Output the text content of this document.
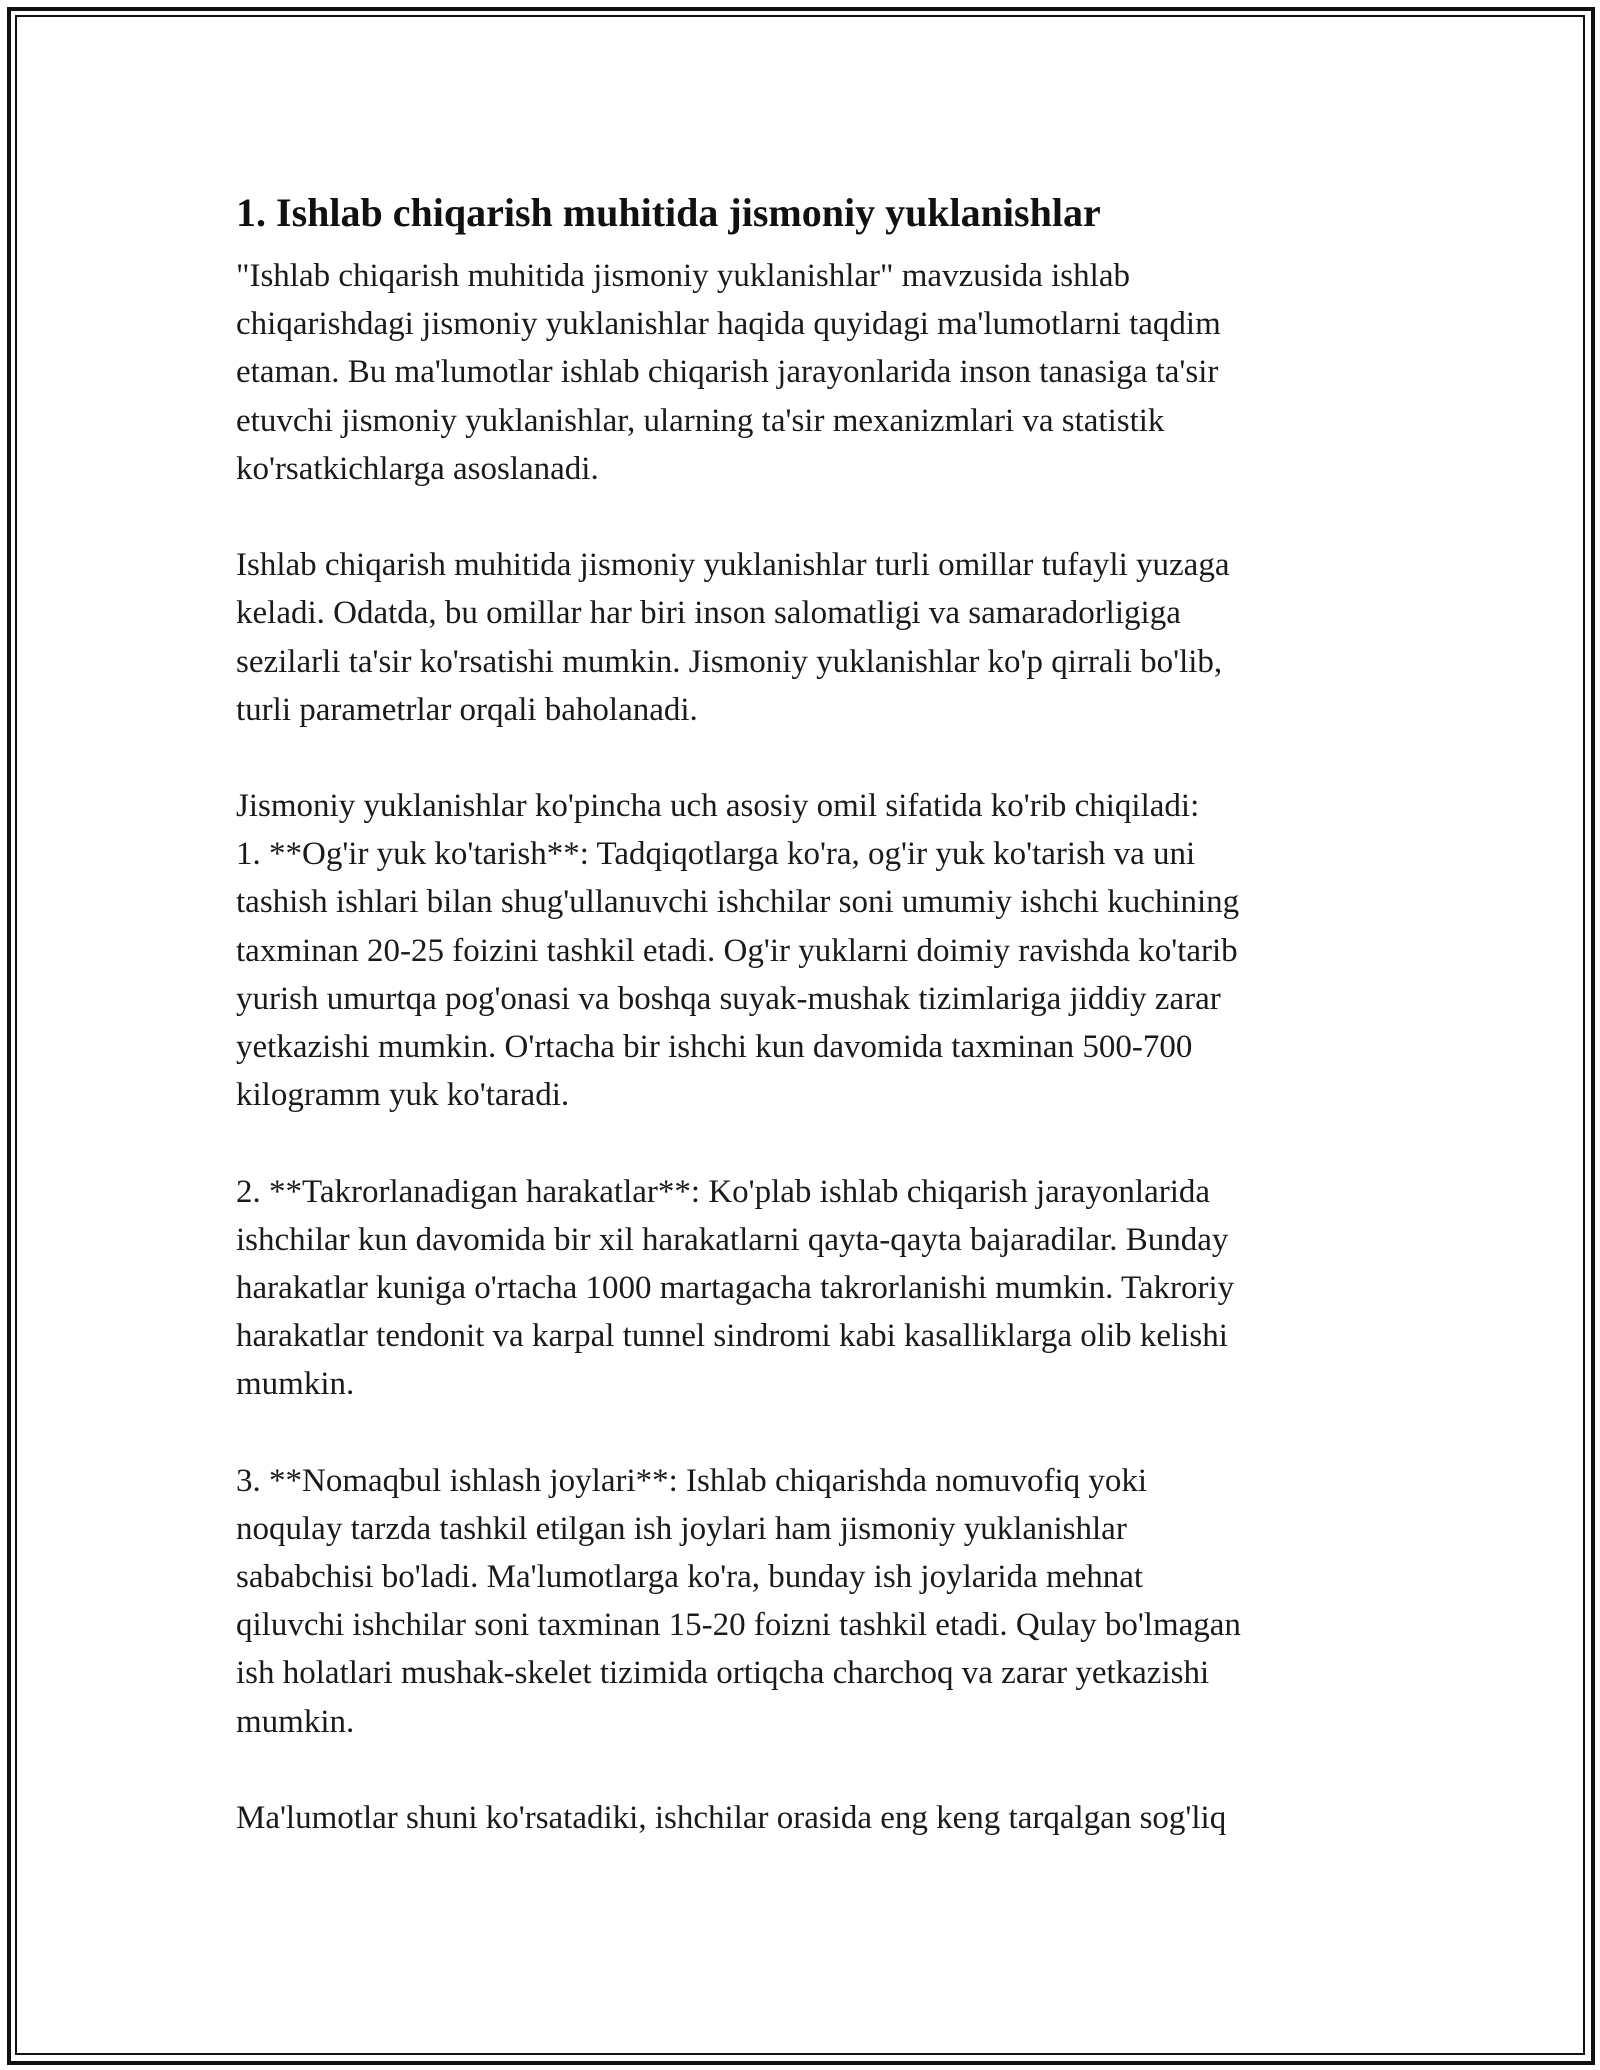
1. Ishlab chiqarish muhitida jismoniy yuklanishlar
"Ishlab chiqarish muhitida jismoniy yuklanishlar" mavzusida ishlab
chiqarishdagi jismoniy yuklanishlar haqida quyidagi ma'lumotlarni taqdim
etaman. Bu ma'lumotlar ishlab chiqarish jarayonlarida inson tanasiga ta'sir
etuvchi jismoniy yuklanishlar, ularning ta'sir mexanizmlari va statistik
ko'rsatkichlarga asoslanadi.
Ishlab chiqarish muhitida jismoniy yuklanishlar turli omillar tufayli yuzaga
keladi. Odatda, bu omillar har biri inson salomatligi va samaradorligiga
sezilarli ta'sir ko'rsatishi mumkin. Jismoniy yuklanishlar ko'p qirrali bo'lib,
turli parametrlar orqali baholanadi.
Jismoniy yuklanishlar ko'pincha uch asosiy omil sifatida ko'rib chiqiladi:
1. **Og'ir yuk ko'tarish**: Tadqiqotlarga ko'ra, og'ir yuk ko'tarish va uni
tashish ishlari bilan shug'ullanuvchi ishchilar soni umumiy ishchi kuchining
taxminan 20-25 foizini tashkil etadi. Og'ir yuklarni doimiy ravishda ko'tarib
yurish umurtqa pog'onasi va boshqa suyak-mushak tizimlariga jiddiy zarar
yetkazishi mumkin. O'rtacha bir ishchi kun davomida taxminan 500-700
kilogramm yuk ko'taradi.
2. **Takrorlanadigan harakatlar**: Ko'plab ishlab chiqarish jarayonlarida
ishchilar kun davomida bir xil harakatlarni qayta-qayta bajaradilar. Bunday
harakatlar kuniga o'rtacha 1000 martagacha takrorlanishi mumkin. Takroriy
harakatlar tendonit va karpal tunnel sindromi kabi kasalliklarga olib kelishi
mumkin.
3. **Nomaqbul ishlash joylari**: Ishlab chiqarishda nomuvofiq yoki
noqulay tarzda tashkil etilgan ish joylari ham jismoniy yuklanishlar
sababchisi bo'ladi. Ma'lumotlarga ko'ra, bunday ish joylarida mehnat
qiluvchi ishchilar soni taxminan 15-20 foizni tashkil etadi. Qulay bo'lmagan
ish holatlari mushak-skelet tizimida ortiqcha charchoq va zarar yetkazishi
mumkin.
Ma'lumotlar shuni ko'rsatadiki, ishchilar orasida eng keng tarqalgan sog'liq
